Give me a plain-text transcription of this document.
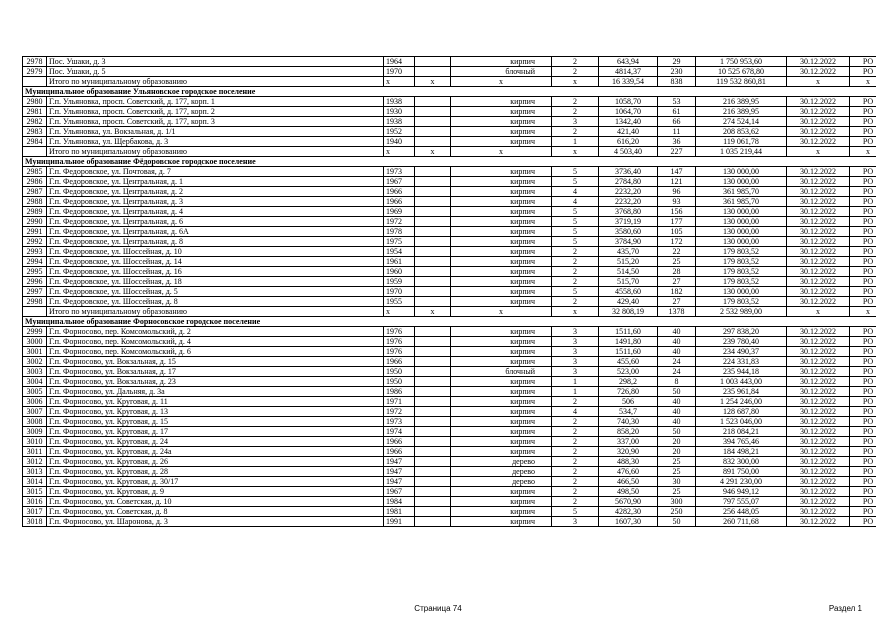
2978	Пос. Ушаки, д. 3	1964		кирпич	2	643,94	29	1 750 953,60	30.12.2022	РО
2979	Пос. Ушаки, д. 5	1970		блочный	2	4814,37	230	10 525 678,80	30.12.2022	РО
	Итого по муниципальному образованию	x	x	x	x	16 339,54	838	119 532 860,81	x	x
Муниципальное образование Ульяновское городское поселение										
2980	Г.п. Ульяновка, просп. Советский, д. 177, корп. 1	1938		кирпич	2	1058,70	53	216 389,95	30.12.2022	РО
2981	Г.п. Ульяновка, просп. Советский, д. 177, корп. 2	1930		кирпич	2	1064,70	61	216 389,95	30.12.2022	РО
2982	Г.п. Ульяновка, просп. Советский, д. 177, корп. 3	1938		кирпич	3	1342,40	66	274 524,14	30.12.2022	РО
2983	Г.п. Ульяновка, ул. Вокзальная, д. 1/1	1952		кирпич	2	421,40	11	208 853,62	30.12.2022	РО
2984	Г.п. Ульяновка, ул. Щербакова, д. 3	1940		кирпич	1	616,20	36	119 061,78	30.12.2022	РО
	Итого по муниципальному образованию	x	x	x	x	4 503,40	227	1 035 219,44	x	x
Муниципальное образование Фёдоровское городское поселение										
2985	Г.п. Федоровское, ул. Почтовая, д. 7	1973		кирпич	5	3736,40	147	130 000,00	30.12.2022	РО
2986	Г.п. Федоровское, ул. Центральная, д. 1	1967		кирпич	5	2784,80	121	130 000,00	30.12.2022	РО
2987	Г.п. Федоровское, ул. Центральная, д. 2	1966		кирпич	4	2232,20	96	361 985,70	30.12.2022	РО
2988	Г.п. Федоровское, ул. Центральная, д. 3	1966		кирпич	4	2232,20	93	361 985,70	30.12.2022	РО
2989	Г.п. Федоровское, ул. Центральная, д. 4	1969		кирпич	5	3768,80	156	130 000,00	30.12.2022	РО
2990	Г.п. Федоровское, ул. Центральная, д. 6	1972		кирпич	5	3719,19	177	130 000,00	30.12.2022	РО
2991	Г.п. Федоровское, ул. Центральная, д. 6А	1978		кирпич	5	3580,60	105	130 000,00	30.12.2022	РО
2992	Г.п. Федоровское, ул. Центральная, д. 8	1975		кирпич	5	3784,90	172	130 000,00	30.12.2022	РО
2993	Г.п. Федоровское, ул. Шоссейная, д. 10	1954		кирпич	2	435,70	22	179 803,52	30.12.2022	РО
2994	Г.п. Федоровское, ул. Шоссейная, д. 14	1961		кирпич	2	515,20	25	179 803,52	30.12.2022	РО
2995	Г.п. Федоровское, ул. Шоссейная, д. 16	1960		кирпич	2	514,50	28	179 803,52	30.12.2022	РО
2996	Г.п. Федоровское, ул. Шоссейная, д. 18	1959		кирпич	2	515,70	27	179 803,52	30.12.2022	РО
2997	Г.п. Федоровское, ул. Шоссейная, д. 5	1970		кирпич	5	4558,60	182	130 000,00	30.12.2022	РО
2998	Г.п. Федоровское, ул. Шоссейная, д. 8	1955		кирпич	2	429,40	27	179 803,52	30.12.2022	РО
	Итого по муниципальному образованию	x	x	x	x	32 808,19	1378	2 532 989,00	x	x
Муниципальное образование Форносовское городское поселение										
2999	Г.п. Форносово, пер. Комсомольский, д. 2	1976		кирпич	3	1511,60	40	297 838,20	30.12.2022	РО
3000	Г.п. Форносово, пер. Комсомольский, д. 4	1976		кирпич	3	1491,80	40	239 780,40	30.12.2022	РО
3001	Г.п. Форносово, пер. Комсомольский, д. 6	1976		кирпич	3	1511,60	40	234 490,37	30.12.2022	РО
3002	Г.п. Форносово, ул. Вокзальная, д. 15	1966		кирпич	3	455,60	24	224 331,83	30.12.2022	РО
3003	Г.п. Форносово, ул. Вокзальная, д. 17	1950		блочный	3	523,00	24	235 944,18	30.12.2022	РО
3004	Г.п. Форносово, ул. Вокзальная, д. 23	1950		кирпич	1	298,2	8	1 003 443,00	30.12.2022	РО
3005	Г.п. Форносово, ул. Дальняя, д. 3а	1986		кирпич	1	726,80	50	235 961,84	30.12.2022	РО
3006	Г.п. Форносово, ул. Круговая, д. 11	1971		кирпич	2	506	40	1 254 246,00	30.12.2022	РО
3007	Г.п. Форносово, ул. Круговая, д. 13	1972		кирпич	4	534,7	40	128 687,80	30.12.2022	РО
3008	Г.п. Форносово, ул. Круговая, д. 15	1973		кирпич	2	740,30	40	1 523 046,00	30.12.2022	РО
3009	Г.п. Форносово, ул. Круговая, д. 17	1974		кирпич	2	858,20	50	218 084,21	30.12.2022	РО
3010	Г.п. Форносово, ул. Круговая, д. 24	1966		кирпич	2	337,00	20	394 765,46	30.12.2022	РО
3011	Г.п. Форносово, ул. Круговая, д. 24а	1966		кирпич	2	320,90	20	184 498,21	30.12.2022	РО
3012	Г.п. Форносово, ул. Круговая, д. 26	1947		дерево	2	488,30	25	832 300,00	30.12.2022	РО
3013	Г.п. Форносово, ул. Круговая, д. 28	1947		дерево	2	476,60	25	891 750,00	30.12.2022	РО
3014	Г.п. Форносово, ул. Круговая, д. 30/17	1947		дерево	2	466,50	30	4 291 230,00	30.12.2022	РО
3015	Г.п. Форносово, ул. Круговая, д. 9	1967		кирпич	2	498,50	25	946 949,12	30.12.2022	РО
3016	Г.п. Форносово, ул. Советская, д. 10	1984		кирпич	2	5670,90	300	797 555,07	30.12.2022	РО
3017	Г.п. Форносово, ул. Советская, д. 8	1981		кирпич	5	4282,30	250	256 448,05	30.12.2022	РО
3018	Г.п. Форносово, ул. Шаронова, д. 3	1991		кирпич	3	1607,30	50	260 711,68	30.12.2022	РО
Страница 74	Раздел 1
